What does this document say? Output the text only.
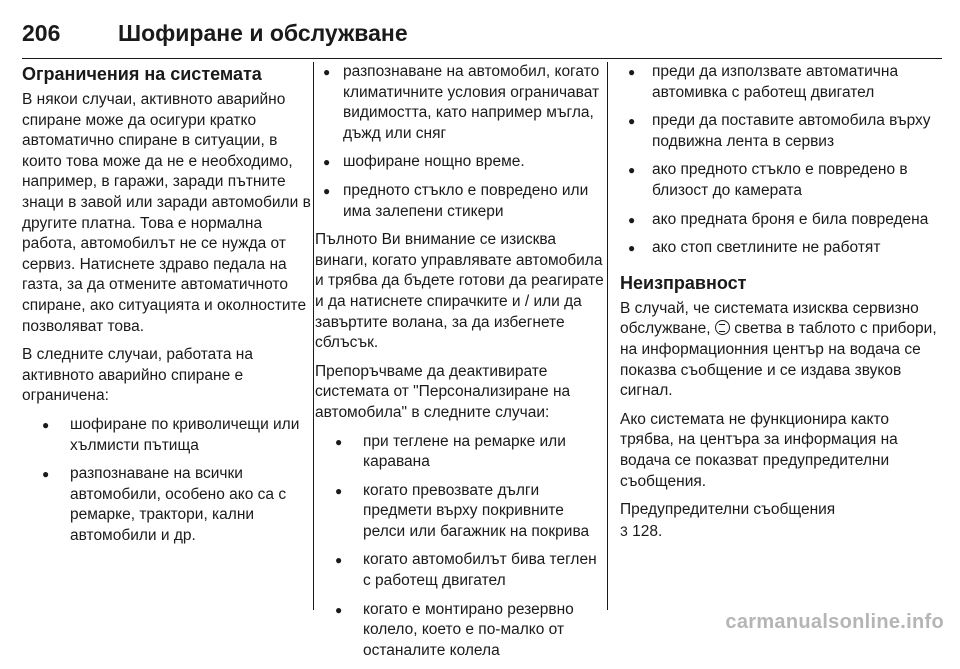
206	Шофиране и обслужване
Ограничения на системата

В някои случаи, активното аварийно спиране може да осигури кратко автоматично спиране в ситуации, в които това може да не е необходимо, например, в гаражи, заради пътните знаци в завой или заради автомобили в другите платна. Това е нормална работа, автомобилът не се нужда от сервиз. Натиснете здраво педала на газта, за да отмените автоматичното спиране, ако ситуацията и околностите позволяват това.

В следните случаи, работата на активното аварийно спиране е ограничена:

● шофиране по криволичещи или хълмисти пътища
● разпознаване на всички автомобили, особено ако са с ремарке, трактори, кални автомобили и др.
● разпознаване на автомобил, когато климатичните условия ограничават видимостта, като например мъгла, дъжд или сняг
● шофиране нощно време.
● предното стъкло е повредено или има залепени стикери

Пълното Ви внимание се изисква винаги, когато управлявате автомобила и трябва да бъдете готови да реагирате и да натиснете спирачките и / или да завъртите волана, за да избегнете сблъсък.

Препоръчваме да деактивирате системата от "Персонализиране на автомобила" в следните случаи:

● при теглене на ремарке или каравана
● когато превозвате дълги предмети върху покривните релси или багажник на покрива
● когато автомобилът бива теглен с работещ двигател
● когато е монтирано резервно колело, което е по-малко от останалите колела
● преди да използвате автоматична автомивка с работещ двигател
● преди да поставите автомобила върху подвижна лента в сервиз
● ако предното стъкло е повредено в близост до камерата
● ако предната броня е била повредена
● ако стоп светлините не работят
Неизправност

В случай, че системата изисква сервизно обслужване, светва в таблото с прибори, на информационния център на водача се показва съобщение и се издава звуков сигнал.

Ако системата не функционира както трябва, на центъра за информация на водача се показват предупредителни съобщения.

Предупредителни съобщения
3 128.

carmanualsonline.info
